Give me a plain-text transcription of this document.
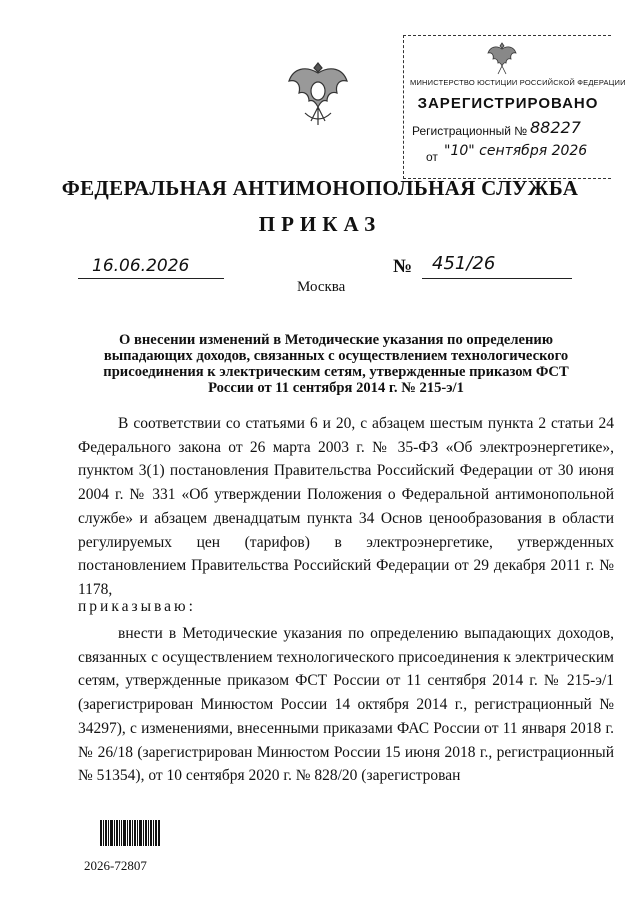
МИНИСТЕРСТВО ЮСТИЦИИ РОССИЙСКОЙ ФЕДЕРАЦИИ
ЗАРЕГИСТРИРОВАНО
Регистрационный № 88227
от "10" сентября 2026
ФЕДЕРАЛЬНАЯ АНТИМОНОПОЛЬНАЯ СЛУЖБА
ПРИКАЗ
16.06.2026	№ 451/26
Москва
О внесении изменений в Методические указания по определению выпадающих доходов, связанных с осуществлением технологического присоединения к электрическим сетям, утвержденные приказом ФСТ России от 11 сентября 2014 г. № 215-э/1
В соответствии со статьями 6 и 20, с абзацем шестым пункта 2 статьи 24 Федерального закона от 26 марта 2003 г. № 35-ФЗ «Об электроэнергетике», пунктом 3(1) постановления Правительства Российский Федерации от 30 июня 2004 г. № 331 «Об утверждении Положения о Федеральной антимонопольной службе» и абзацем двенадцатым пункта 34 Основ ценообразования в области регулируемых цен (тарифов) в электроэнергетике, утвержденных постановлением Правительства Российский Федерации от 29 декабря 2011 г. № 1178,
приказываю:
внести в Методические указания по определению выпадающих доходов, связанных с осуществлением технологического присоединения к электрическим сетям, утвержденные приказом ФСТ России от 11 сентября 2014 г. № 215-э/1 (зарегистрирован Минюстом России 14 октября 2014 г., регистрационный № 34297), с изменениями, внесенными приказами ФАС России от 11 января 2018 г. № 26/18 (зарегистрирован Минюстом России 15 июня 2018 г., регистрационный № 51354), от 10 сентября 2020 г. № 828/20 (зарегистрован
2026-72807
